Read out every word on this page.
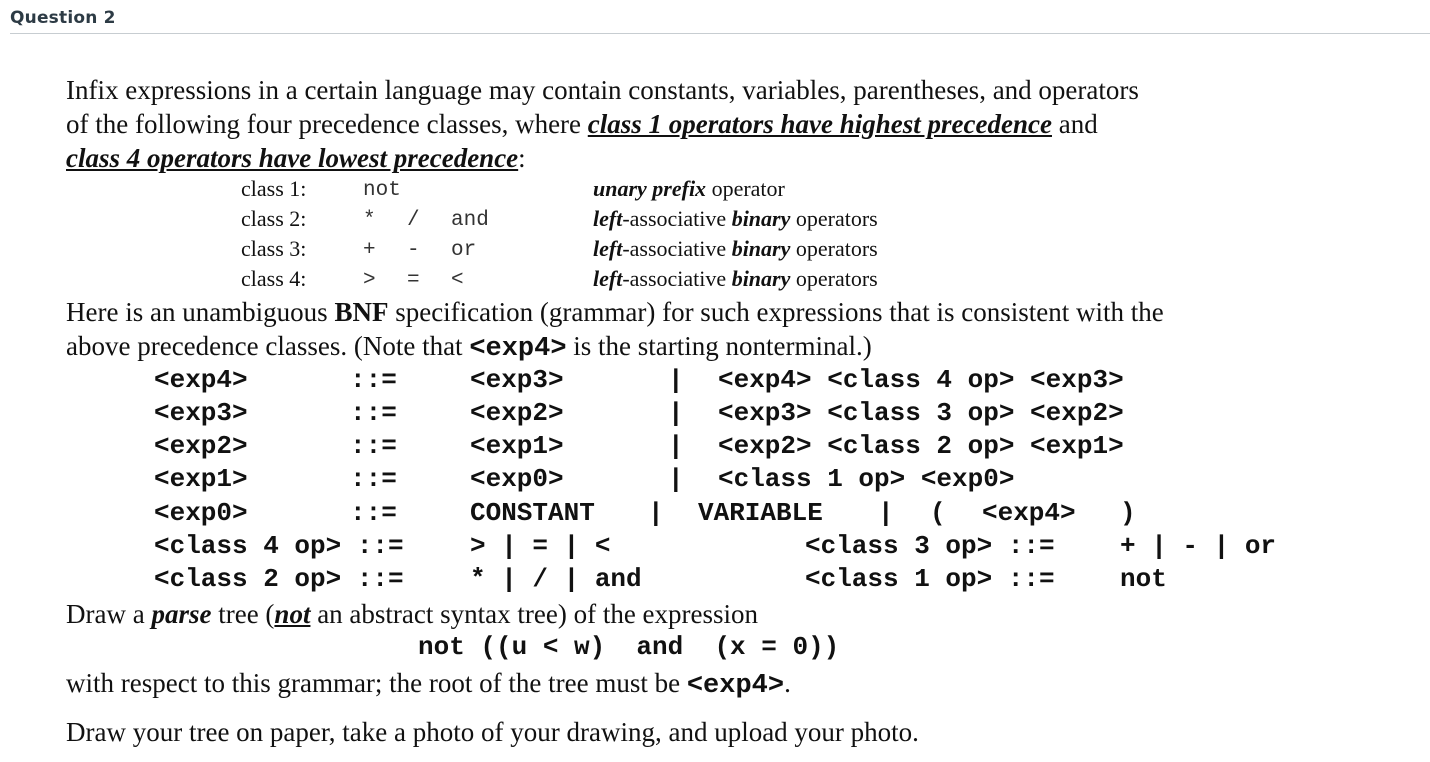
Question 2
Infix expressions in a certain language may contain constants, variables, parentheses, and operators
of the following four precedence classes, where class 1 operators have highest precedence and
class 4 operators have lowest precedence:
class 1:	not	unary prefix operator
class 2:	* / and	left-associative binary operators
class 3:	+ - or	left-associative binary operators
class 4:	> = <	left-associative binary operators
Here is an unambiguous BNF specification (grammar) for such expressions that is consistent with the
above precedence classes. (Note that <exp4> is the starting nonterminal.)
<exp4>	::=	<exp3>	| <exp4> <class 4 op> <exp3>
<exp3>	::=	<exp2>	| <exp3> <class 3 op> <exp2>
<exp2>	::=	<exp1>	| <exp2> <class 2 op> <exp1>
<exp1>	::=	<exp0>	| <class 1 op> <exp0>
<exp0>	::=	CONSTANT | VARIABLE | ( <exp4> )
<class 4 op> ::=	> | = | <	<class 3 op> ::=	+ | - | or
<class 2 op> ::=	* | / | and	<class 1 op> ::=	not
Draw a parse tree (not an abstract syntax tree) of the expression
not ((u < w)  and  (x = 0))
with respect to this grammar; the root of the tree must be <exp4>.
Draw your tree on paper, take a photo of your drawing, and upload your photo.
